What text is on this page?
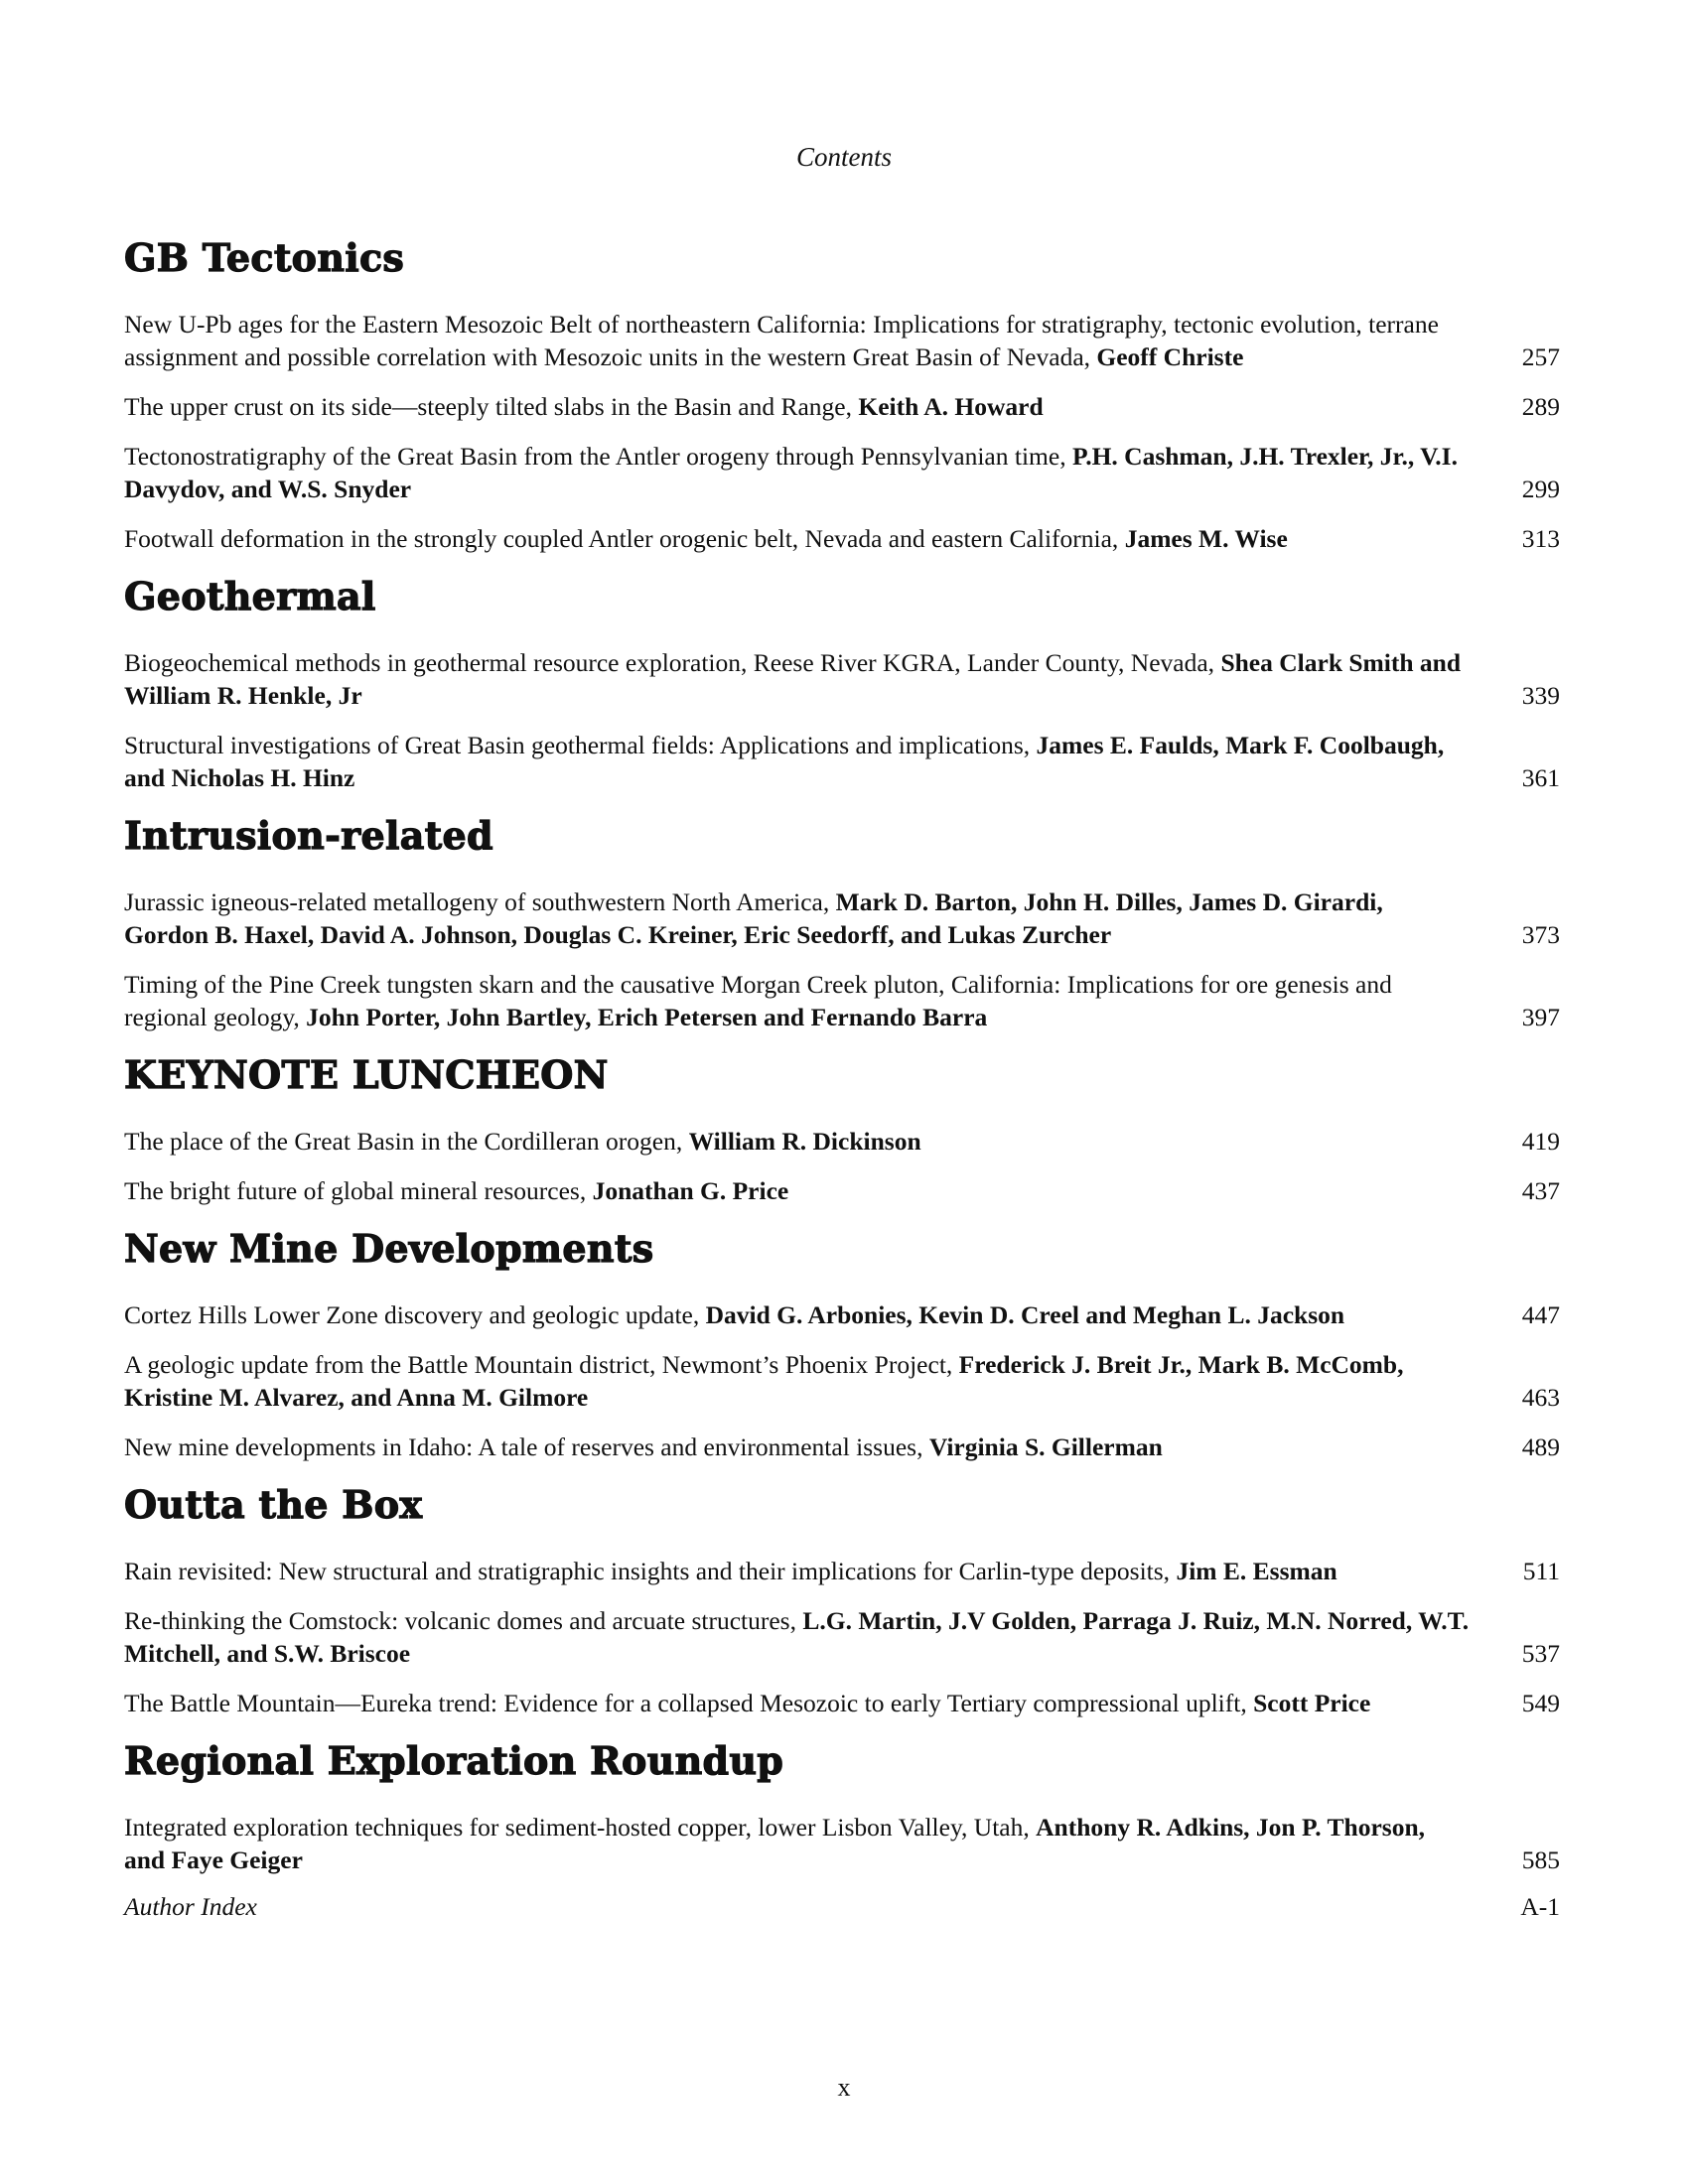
Contents
GB Tectonics
New U-Pb ages for the Eastern Mesozoic Belt of northeastern California: Implications for stratigraphy, tectonic evolution, terrane assignment and possible correlation with Mesozoic units in the western Great Basin of Nevada, Geoff Christe	257
The upper crust on its side—steeply tilted slabs in the Basin and Range, Keith A. Howard	289
Tectonostratigraphy of the Great Basin from the Antler orogeny through Pennsylvanian time, P.H. Cashman, J.H. Trexler, Jr., V.I. Davydov, and W.S. Snyder	299
Footwall deformation in the strongly coupled Antler orogenic belt, Nevada and eastern California, James M. Wise	313
Geothermal
Biogeochemical methods in geothermal resource exploration, Reese River KGRA, Lander County, Nevada, Shea Clark Smith and William R. Henkle, Jr	339
Structural investigations of Great Basin geothermal fields: Applications and implications, James E. Faulds, Mark F. Coolbaugh, and Nicholas H. Hinz	361
Intrusion-related
Jurassic igneous-related metallogeny of southwestern North America, Mark D. Barton, John H. Dilles, James D. Girardi, Gordon B. Haxel, David A. Johnson, Douglas C. Kreiner, Eric Seedorff, and Lukas Zurcher	373
Timing of the Pine Creek tungsten skarn and the causative Morgan Creek pluton, California: Implications for ore genesis and regional geology, John Porter, John Bartley, Erich Petersen and Fernando Barra	397
KEYNOTE LUNCHEON
The place of the Great Basin in the Cordilleran orogen, William R. Dickinson	419
The bright future of global mineral resources, Jonathan G. Price	437
New Mine Developments
Cortez Hills Lower Zone discovery and geologic update, David G. Arbonies, Kevin D. Creel and Meghan L. Jackson	447
A geologic update from the Battle Mountain district, Newmont’s Phoenix Project, Frederick J. Breit Jr., Mark B. McComb, Kristine M. Alvarez, and Anna M. Gilmore	463
New mine developments in Idaho: A tale of reserves and environmental issues, Virginia S. Gillerman	489
Outta the Box
Rain revisited: New structural and stratigraphic insights and their implications for Carlin-type deposits, Jim E. Essman	511
Re-thinking the Comstock: volcanic domes and arcuate structures, L.G. Martin, J.V Golden, Parraga J. Ruiz, M.N. Norred, W.T. Mitchell, and S.W. Briscoe	537
The Battle Mountain—Eureka trend: Evidence for a collapsed Mesozoic to early Tertiary compressional uplift, Scott Price	549
Regional Exploration Roundup
Integrated exploration techniques for sediment-hosted copper, lower Lisbon Valley, Utah, Anthony R. Adkins, Jon P. Thorson, and Faye Geiger	585
Author Index	A-1
x
